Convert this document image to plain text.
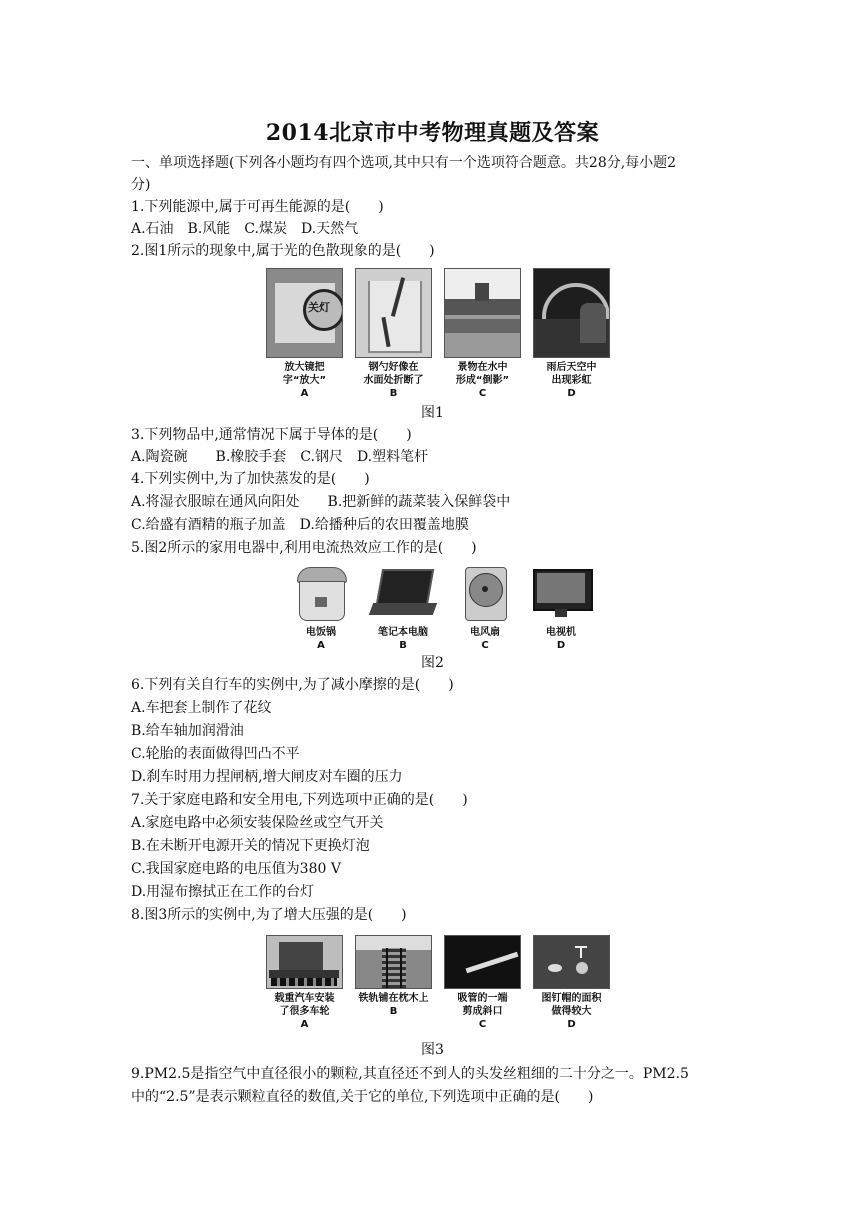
2014北京市中考物理真题及答案
一、单项选择题(下列各小题均有四个选项,其中只有一个选项符合题意。共28分,每小题2
分)
1.下列能源中,属于可再生能源的是(　　)
A.石油　B.风能　C.煤炭　D.天然气
2.图1所示的现象中,属于光的色散现象的是(　　)
关灯
放大镜把
字“放大”
A
钢勺好像在
水面处折断了
B
景物在水中
形成“倒影”
C
雨后天空中
出现彩虹
D
图1
3.下列物品中,通常情况下属于导体的是(　　)
A.陶瓷碗　　B.橡胶手套　C.钢尺　D.塑料笔杆
4.下列实例中,为了加快蒸发的是(　　)
A.将湿衣服晾在通风向阳处　　B.把新鲜的蔬菜装入保鲜袋中
C.给盛有酒精的瓶子加盖　D.给播种后的农田覆盖地膜
5.图2所示的家用电器中,利用电流热效应工作的是(　　)
电饭锅
A
笔记本电脑
B
电风扇
C
电视机
D
图2
6.下列有关自行车的实例中,为了减小摩擦的是(　　)
A.车把套上制作了花纹
B.给车轴加润滑油
C.轮胎的表面做得凹凸不平
D.刹车时用力捏闸柄,增大闸皮对车圈的压力
7.关于家庭电路和安全用电,下列选项中正确的是(　　)
A.家庭电路中必须安装保险丝或空气开关
B.在未断开电源开关的情况下更换灯泡
C.我国家庭电路的电压值为380 V
D.用湿布擦拭正在工作的台灯
8.图3所示的实例中,为了增大压强的是(　　)
载重汽车安装
了很多车轮
A
铁轨铺在枕木上

B
吸管的一端
剪成斜口
C
图钉帽的面积
做得较大
D
图3
9.PM2.5是指空气中直径很小的颗粒,其直径还不到人的头发丝粗细的二十分之一。PM2.5
中的“2.5”是表示颗粒直径的数值,关于它的单位,下列选项中正确的是(　　)
